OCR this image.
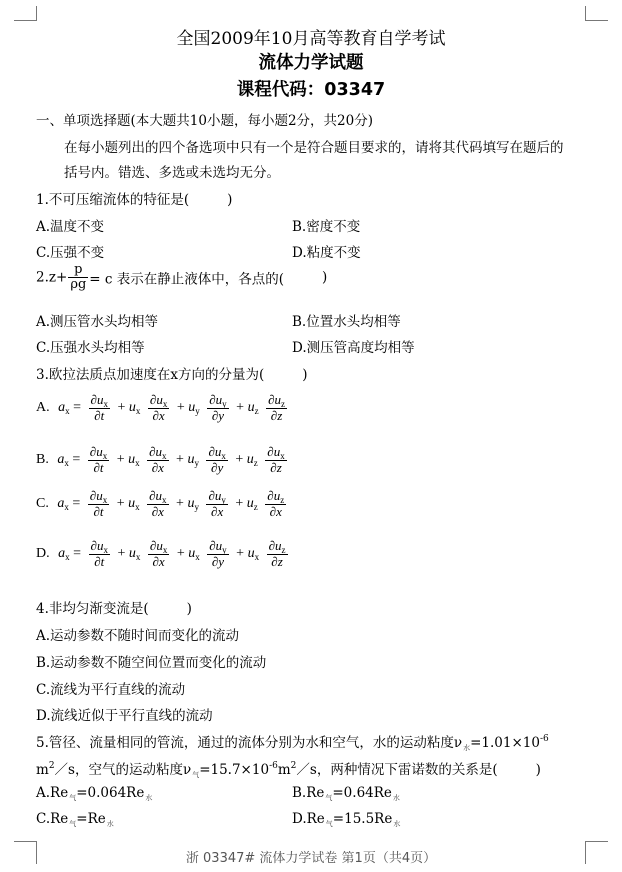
全国2009年10月高等教育自学考试
流体力学试题
课程代码：03347
一、单项选择题(本大题共10小题，每小题2分，共20分)
在每小题列出的四个备选项中只有一个是符合题目要求的，请将其代码填写在题后的
括号内。错选、多选或未选均无分。
1.不可压缩流体的特征是(	)
A.温度不变	B.密度不变
C.压强不变	D.粘度不变
$2.z+ \frac{p}{\rho g} = c$ 表示在静止液体中，各点的(	)
A.测压管水头均相等	B.位置水头均相等
C.压强水头均相等	D.测压管高度均相等
3.欧拉法质点加速度在x方向的分量为(	)
A. $a_x = \frac{\partial u_x}{\partial t} + u_x \frac{\partial u_x}{\partial x} + u_y \frac{\partial u_y}{\partial y} + u_z \frac{\partial u_z}{\partial z}$
B. $a_x = \frac{\partial u_x}{\partial t} + u_x \frac{\partial u_x}{\partial x} + u_y \frac{\partial u_x}{\partial y} + u_z \frac{\partial u_x}{\partial z}$
C. $a_x = \frac{\partial u_x}{\partial t} + u_x \frac{\partial u_x}{\partial x} + u_y \frac{\partial u_y}{\partial x} + u_z \frac{\partial u_z}{\partial x}$
D. $a_x = \frac{\partial u_x}{\partial t} + u_x \frac{\partial u_x}{\partial x} + u_x \frac{\partial u_y}{\partial y} + u_x \frac{\partial u_z}{\partial z}$
4.非均匀渐变流是(	)
A.运动参数不随时间而变化的流动
B.运动参数不随空间位置而变化的流动
C.流线为平行直线的流动
D.流线近似于平行直线的流动
5.管径、流量相同的管流，通过的流体分别为水和空气，水的运动粘度$\nu_水=1.01\times 10^{-6}$
$m^2/s$，空气的运动粘度$\nu_气=15.7\times 10^{-6}m^2/s$，两种情况下雷诺数的关系是(	)
$A.Re_气=0.064Re_水$	$B.Re_气=0.64Re_水$
$C.Re_气=Re_水$	$D.Re_气=15.5Re_水$
浙 03347# 流体力学试卷 第1页（共4页）
